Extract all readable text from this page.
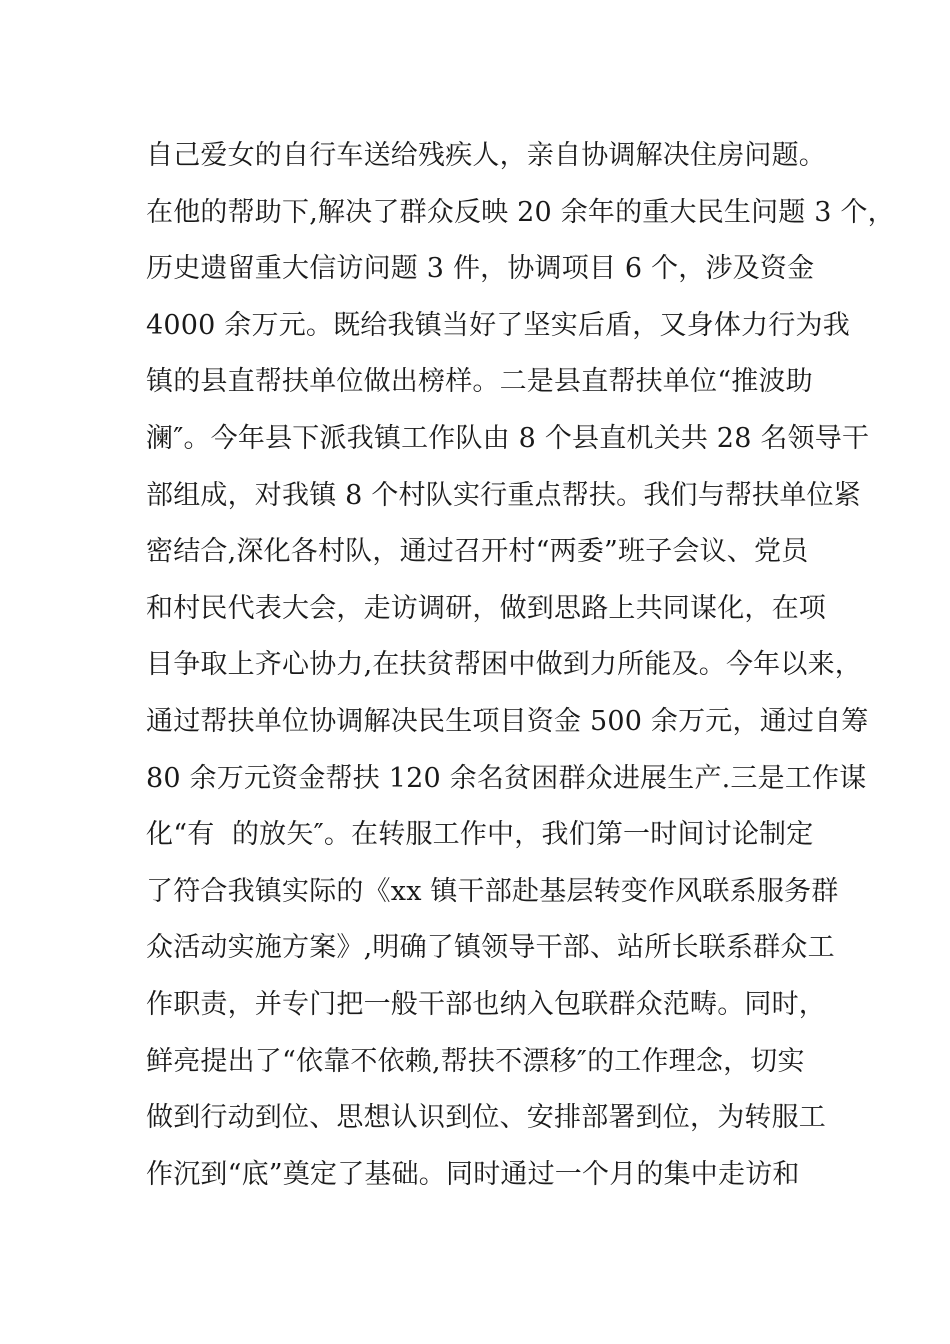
自己爱女的自行车送给残疾人，亲自协调解决住房问题。
在他的帮助下,解决了群众反映 20 余年的重大民生问题 3 个，
历史遗留重大信访问题 3 件，协调项目 6 个，涉及资金
4000 余万元。既给我镇当好了坚实后盾，又身体力行为我
镇的县直帮扶单位做出榜样。二是县直帮扶单位“推波助
澜″。今年县下派我镇工作队由 8 个县直机关共 28 名领导干
部组成，对我镇 8 个村队实行重点帮扶。我们与帮扶单位紧
密结合,深化各村队，通过召开村“两委”班子会议、党员
和村民代表大会，走访调研，做到思路上共同谋化，在项
目争取上齐心协力,在扶贫帮困中做到力所能及。今年以来，
通过帮扶单位协调解决民生项目资金 500 余万元，通过自筹
80 余万元资金帮扶 120 余名贫困群众进展生产.三是工作谋
化“有  的放矢″。在转服工作中，我们第一时间讨论制定
了符合我镇实际的《xx 镇干部赴基层转变作风联系服务群
众活动实施方案》,明确了镇领导干部、站所长联系群众工
作职责，并专门把一般干部也纳入包联群众范畴。同时，
鲜亮提出了“依靠不依赖,帮扶不漂移″的工作理念，切实
做到行动到位、思想认识到位、安排部署到位，为转服工
作沉到“底”奠定了基础。同时通过一个月的集中走访和
